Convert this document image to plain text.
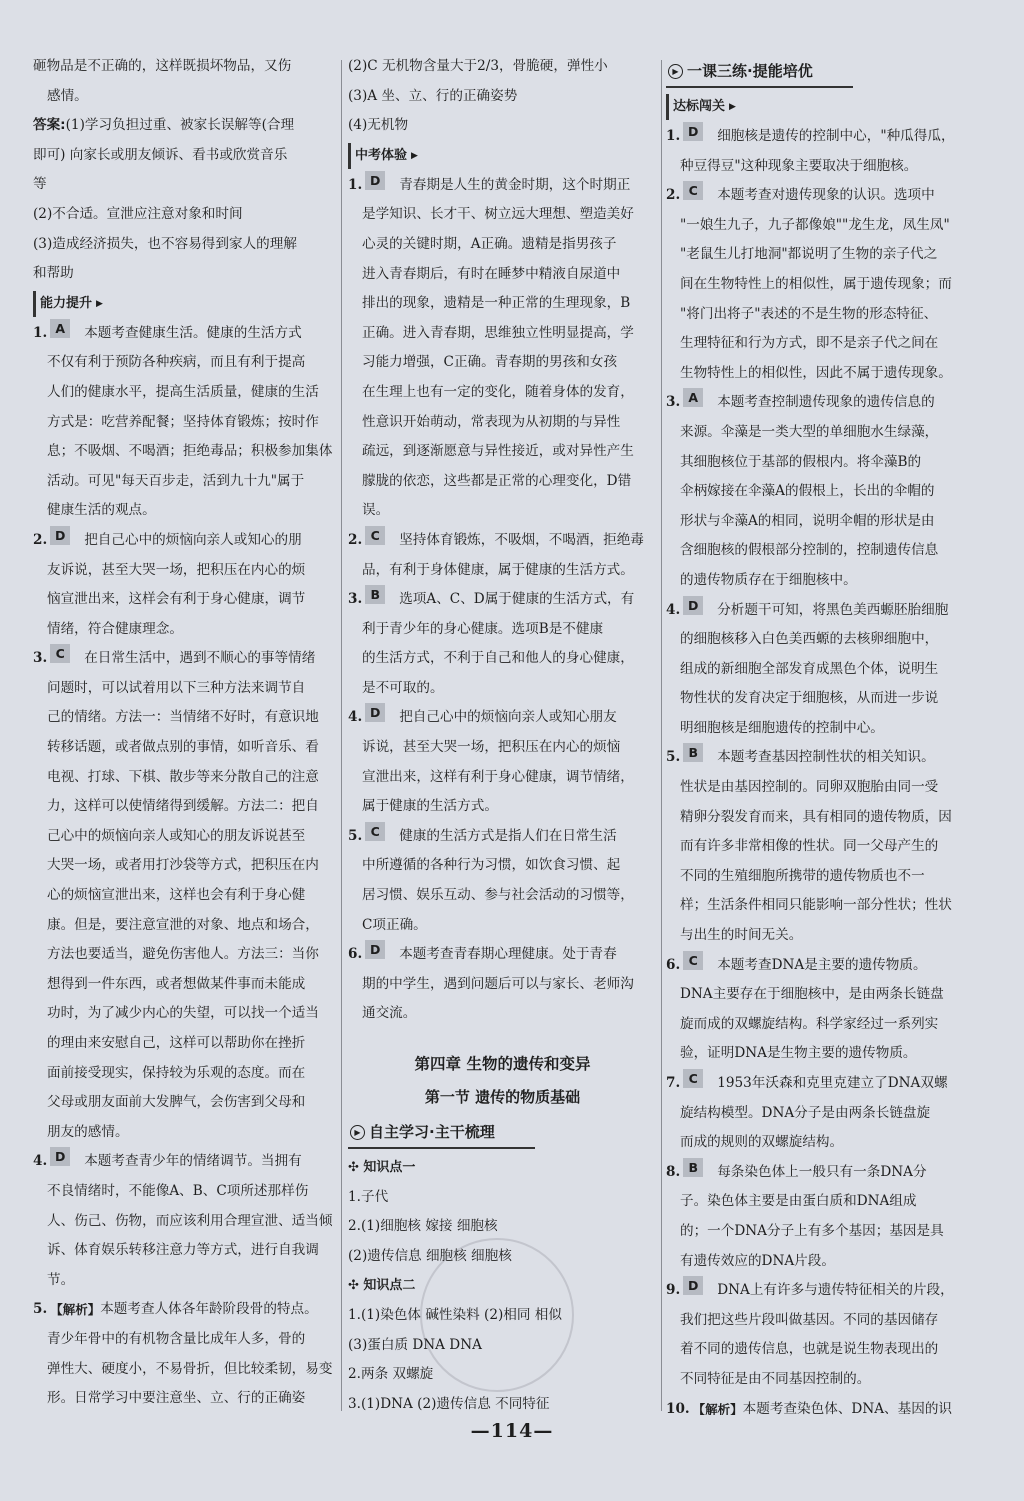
砸物品是不正确的，这样既损坏物品，又伤
感情。
答案:(1)学习负担过重、被家长误解等(合理
即可) 向家长或朋友倾诉、看书或欣赏音乐
等
(2)不合适。宣泄应注意对象和时间
(3)造成经济损失，也不容易得到家人的理解
和帮助
能力提升 ▶
1. A	本题考查健康生活。健康的生活方式
不仅有利于预防各种疾病，而且有利于提高
人们的健康水平，提高生活质量，健康的生活
方式是：吃营养配餐；坚持体育锻炼；按时作
息；不吸烟、不喝酒；拒绝毒品；积极参加集体
活动。可见"每天百步走，活到九十九"属于
健康生活的观点。
2. D	把自己心中的烦恼向亲人或知心的朋
友诉说，甚至大哭一场，把积压在内心的烦
恼宣泄出来，这样会有利于身心健康，调节
情绪，符合健康理念。
3. C	在日常生活中，遇到不顺心的事等情绪
问题时，可以试着用以下三种方法来调节自
己的情绪。方法一：当情绪不好时，有意识地
转移话题，或者做点别的事情，如听音乐、看
电视、打球、下棋、散步等来分散自己的注意
力，这样可以使情绪得到缓解。方法二：把自
己心中的烦恼向亲人或知心的朋友诉说甚至
大哭一场，或者用打沙袋等方式，把积压在内
心的烦恼宣泄出来，这样也会有利于身心健
康。但是，要注意宣泄的对象、地点和场合，
方法也要适当，避免伤害他人。方法三：当你
想得到一件东西，或者想做某件事而未能成
功时，为了减少内心的失望，可以找一个适当
的理由来安慰自己，这样可以帮助你在挫折
面前接受现实，保持较为乐观的态度。而在
父母或朋友面前大发脾气，会伤害到父母和
朋友的感情。
4. D	本题考查青少年的情绪调节。当拥有
不良情绪时，不能像A、B、C项所述那样伤
人、伤己、伤物，而应该利用合理宣泄、适当倾
诉、体育娱乐转移注意力等方式，进行自我调
节。
5. 【解析】 本题考查人体各年龄阶段骨的特点。
青少年骨中的有机物含量比成年人多，骨的
弹性大、硬度小，不易骨折，但比较柔韧，易变
形。日常学习中要注意坐、立、行的正确姿
(2)C 无机物含量大于2/3，骨脆硬，弹性小
(3)A 坐、立、行的正确姿势
(4)无机物
中考体验 ▶
1. D	青春期是人生的黄金时期，这个时期正
是学知识、长才干、树立远大理想、塑造美好
心灵的关键时期，A正确。遗精是指男孩子
进入青春期后，有时在睡梦中精液自尿道中
排出的现象，遗精是一种正常的生理现象，B
正确。进入青春期，思维独立性明显提高，学
习能力增强，C正确。青春期的男孩和女孩
在生理上也有一定的变化，随着身体的发育，
性意识开始萌动，常表现为从初期的与异性
疏远，到逐渐愿意与异性接近，或对异性产生
朦胧的依恋，这些都是正常的心理变化，D错
误。
2. C	坚持体育锻炼，不吸烟，不喝酒，拒绝毒
品，有利于身体健康，属于健康的生活方式。
3. B	选项A、C、D属于健康的生活方式，有
利于青少年的身心健康。选项B是不健康
的生活方式，不利于自己和他人的身心健康，
是不可取的。
4. D	把自己心中的烦恼向亲人或知心朋友
诉说，甚至大哭一场，把积压在内心的烦恼
宣泄出来，这样有利于身心健康，调节情绪，
属于健康的生活方式。
5. C	健康的生活方式是指人们在日常生活
中所遵循的各种行为习惯，如饮食习惯、起
居习惯、娱乐互动、参与社会活动的习惯等，
C项正确。
6. D	本题考查青春期心理健康。处于青春
期的中学生，遇到问题后可以与家长、老师沟
通交流。
第四章 生物的遗传和变异
第一节 遗传的物质基础
▶ 自主学习·主干梳理
✣ 知识点一
1.子代
2.(1)细胞核 嫁接 细胞核
(2)遗传信息 细胞核 细胞核
✣ 知识点二
1.(1)染色体 碱性染料 (2)相同 相似
(3)蛋白质 DNA DNA
2.两条 双螺旋
3.(1)DNA (2)遗传信息 不同特征
▶ 一课三练·提能培优
达标闯关 ▶
1. D	细胞核是遗传的控制中心，"种瓜得瓜，
种豆得豆"这种现象主要取决于细胞核。
2. C	本题考查对遗传现象的认识。选项中
"一娘生九子，九子都像娘""龙生龙，凤生凤"
"老鼠生儿打地洞"都说明了生物的亲子代之
间在生物特性上的相似性，属于遗传现象；而
"将门出将子"表述的不是生物的形态特征、
生理特征和行为方式，即不是亲子代之间在
生物特性上的相似性，因此不属于遗传现象。
3. A	本题考查控制遗传现象的遗传信息的
来源。伞藻是一类大型的单细胞水生绿藻，
其细胞核位于基部的假根内。将伞藻B的
伞柄嫁接在伞藻A的假根上，长出的伞帽的
形状与伞藻A的相同，说明伞帽的形状是由
含细胞核的假根部分控制的，控制遗传信息
的遗传物质存在于细胞核中。
4. D	分析题干可知，将黑色美西螈胚胎细胞
的细胞核移入白色美西螈的去核卵细胞中，
组成的新细胞全部发育成黑色个体，说明生
物性状的发育决定于细胞核，从而进一步说
明细胞核是细胞遗传的控制中心。
5. B	本题考查基因控制性状的相关知识。
性状是由基因控制的。同卵双胞胎由同一受
精卵分裂发育而来，具有相同的遗传物质，因
而有许多非常相像的性状。同一父母产生的
不同的生殖细胞所携带的遗传物质也不一
样；生活条件相同只能影响一部分性状；性状
与出生的时间无关。
6. C	本题考查DNA是主要的遗传物质。
DNA主要存在于细胞核中，是由两条长链盘
旋而成的双螺旋结构。科学家经过一系列实
验，证明DNA是生物主要的遗传物质。
7. C	1953年沃森和克里克建立了DNA双螺
旋结构模型。DNA分子是由两条长链盘旋
而成的规则的双螺旋结构。
8. B	每条染色体上一般只有一条DNA分
子。染色体主要是由蛋白质和DNA组成
的；一个DNA分子上有多个基因；基因是具
有遗传效应的DNA片段。
9. D	DNA上有许多与遗传特征相关的片段，
我们把这些片段叫做基因。不同的基因储存
着不同的遗传信息，也就是说生物表现出的
不同特征是由不同基因控制的。
10. 【解析】 本题考查染色体、DNA、基因的识
—114—
